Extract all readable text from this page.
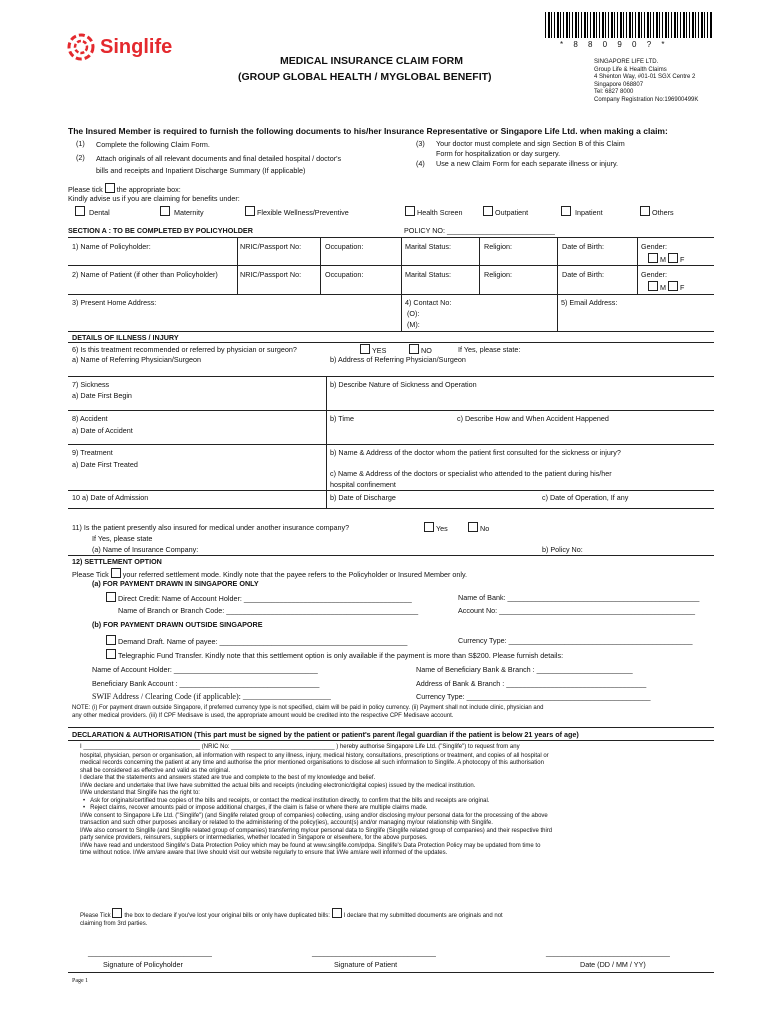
Singlife	* 8 8 0 9 0 ? *
MEDICAL INSURANCE CLAIM FORM
(GROUP GLOBAL HEALTH / MYGLOBAL BENEFIT)
SINGAPORE LIFE LTD.
Group Life & Health Claims
4 Shenton Way, #01-01 SGX Centre 2
Singapore 068807
Tel: 6827 8000
Company Registration No:196900499K
The Insured Member is required to furnish the following documents to his/her Insurance Representative or Singapore Life Ltd. when making a claim:
(1) Complete the following Claim Form.
(2) Attach originals of all relevant documents and final detailed hospital / doctor's
bills and receipts and Inpatient Discharge Summary (If applicable)
(3) Your doctor must complete and sign Section B of this Claim
Form for hospitalization or day surgery.
(4) Use a new Claim Form for each separate illness or injury.
Please tick the appropriate box:
Kindly advise us if you are claiming for benefits under:
Dental	Maternity	Flexible Wellness/Preventive	Health Screen	Outpatient	Inpatient	Others
SECTION A : TO BE COMPLETED BY POLICYHOLDER	POLICY NO: ___________________________
1) Name of Policyholder:	NRIC/Passport No:	Occupation:	Marital Status:	Religion:	Date of Birth:	Gender:
M F
2) Name of Patient (if other than Policyholder)	NRIC/Passport No:	Occupation:	Marital Status:	Religion:	Date of Birth:	Gender:
M F
3) Present Home Address:	4) Contact No:
(O):
(M):
5) Email Address:
DETAILS OF ILLNESS / INJURY
6) Is this treatment recommended or referred by physician or surgeon?	YES	NO	If Yes, please state:
a) Name of Referring Physician/Surgeon	b) Address of Referring Physician/Surgeon
7) Sickness
a) Date First Begin
b) Describe Nature of Sickness and Operation
8) Accident
a) Date of Accident
b) Time	c) Describe How and When Accident Happened
9) Treatment
a) Date First Treated
b) Name & Address of the doctor whom the patient first consulted for the sickness or injury?
c) Name & Address of the doctors or specialist who attended to the patient during his/her
hospital confinement
10 a) Date of Admission	b) Date of Discharge	c) Date of Operation, If any
11) Is the patient presently also insured for medical under another insurance company?	Yes	No
If Yes, please state
(a) Name of Insurance Company:	b) Policy No:
12) SETTLEMENT OPTION
Please Tick your referred settlement mode. Kindly note that the payee refers to the Policyholder or Insured Member only.
(a) FOR PAYMENT DRAWN IN SINGAPORE ONLY
Direct Credit: Name of Account Holder: __________________________________________	Name of Bank: ________________________________________________
Name of Branch or Branch Code: ________________________________________________	Account No: _________________________________________________
(b) FOR PAYMENT DRAWN OUTSIDE SINGAPORE
Demand Draft. Name of payee: _______________________________________________	Currency Type: ______________________________________________
Telegraphic Fund Transfer. Kindly note that this settlement option is only available if the payment is more than S$200. Please furnish details:
Name of Account Holder: ____________________________________	Name of Beneficiary Bank & Branch : ________________________
Beneficiary Bank Account : ___________________________________	Address of Bank & Branch : ___________________________________
SWIF Address / Clearing Code (if applicable): ______________________	Currency Type: ______________________________________________
NOTE: (i) For payment drawn outside Singapore, if preferred currency type is not specified, claim will be paid in policy currency. (ii) Payment shall not include clinic, physician and
any other medical providers. (iii) If CPF Medisave is used, the appropriate amount would be credited into the respective CPF Medisave account.
DECLARATION & AUTHORISATION (This part must be signed by the patient or patient's parent /legal guardian if the patient is below 21 years of age)
I ___________________________________ (NRIC No: _______________________________ ) hereby authorise Singapore Life Ltd. ("Singlife") to request from any
hospital, physician, person or organisation, all information with respect to any illness, injury, medical history, consultations, prescriptions or treatment, and copies of all hospital or
medical records concerning the patient at any time and authorise the prior mentioned organisations to disclose all such information to Singlife. A photocopy of this authorisation
shall be considered as effective and valid as the original.
I declare that the statements and answers stated are true and complete to the best of my knowledge and belief.
I/We declare and undertake that I/we have submitted the actual bills and receipts (including electronic/digital copies) issued by the medical institution.
I/We understand that Singlife has the right to:
•   Ask for originals/certified true copies of the bills and receipts, or contact the medical institution directly, to confirm that the bills and receipts are original.
•   Reject claims, recover amounts paid or impose additional charges, if the claim is false or where there are multiple claims made.
I/We consent to Singapore Life Ltd. ("Singlife") (and Singlife related group of companies) collecting, using and/or disclosing my/our personal data for the processing of the above
transaction and such other purposes ancillary or related to the administering of the policy(ies), account(s) and/or managing my/our relationship with Singlife.
I/We also consent to Singlife (and Singlife related group of companies) transferring my/our personal data to Singlife (Singlife related group of companies) and their respective third
party service providers, reinsurers, suppliers or intermediaries, whether located in Singapore or elsewhere, for the above purposes.
I/We have read and understood Singlife's Data Protection Policy which may be found at www.singlife.com/pdpa. Singlife's Data Protection Policy may be updated from time to
time without notice. I/We am/are aware that I/we should visit our website regularly to ensure that I/We am/are well informed of the updates.
Please Tick the box to declare if you've lost your original bills or only have duplicated bills: I declare that my submitted documents are originals and not
claiming from 3rd parties.
_______________________________	_______________________________	_______________________________
Signature of Policyholder	Signature of Patient	Date (DD / MM / YY)
Page 1
